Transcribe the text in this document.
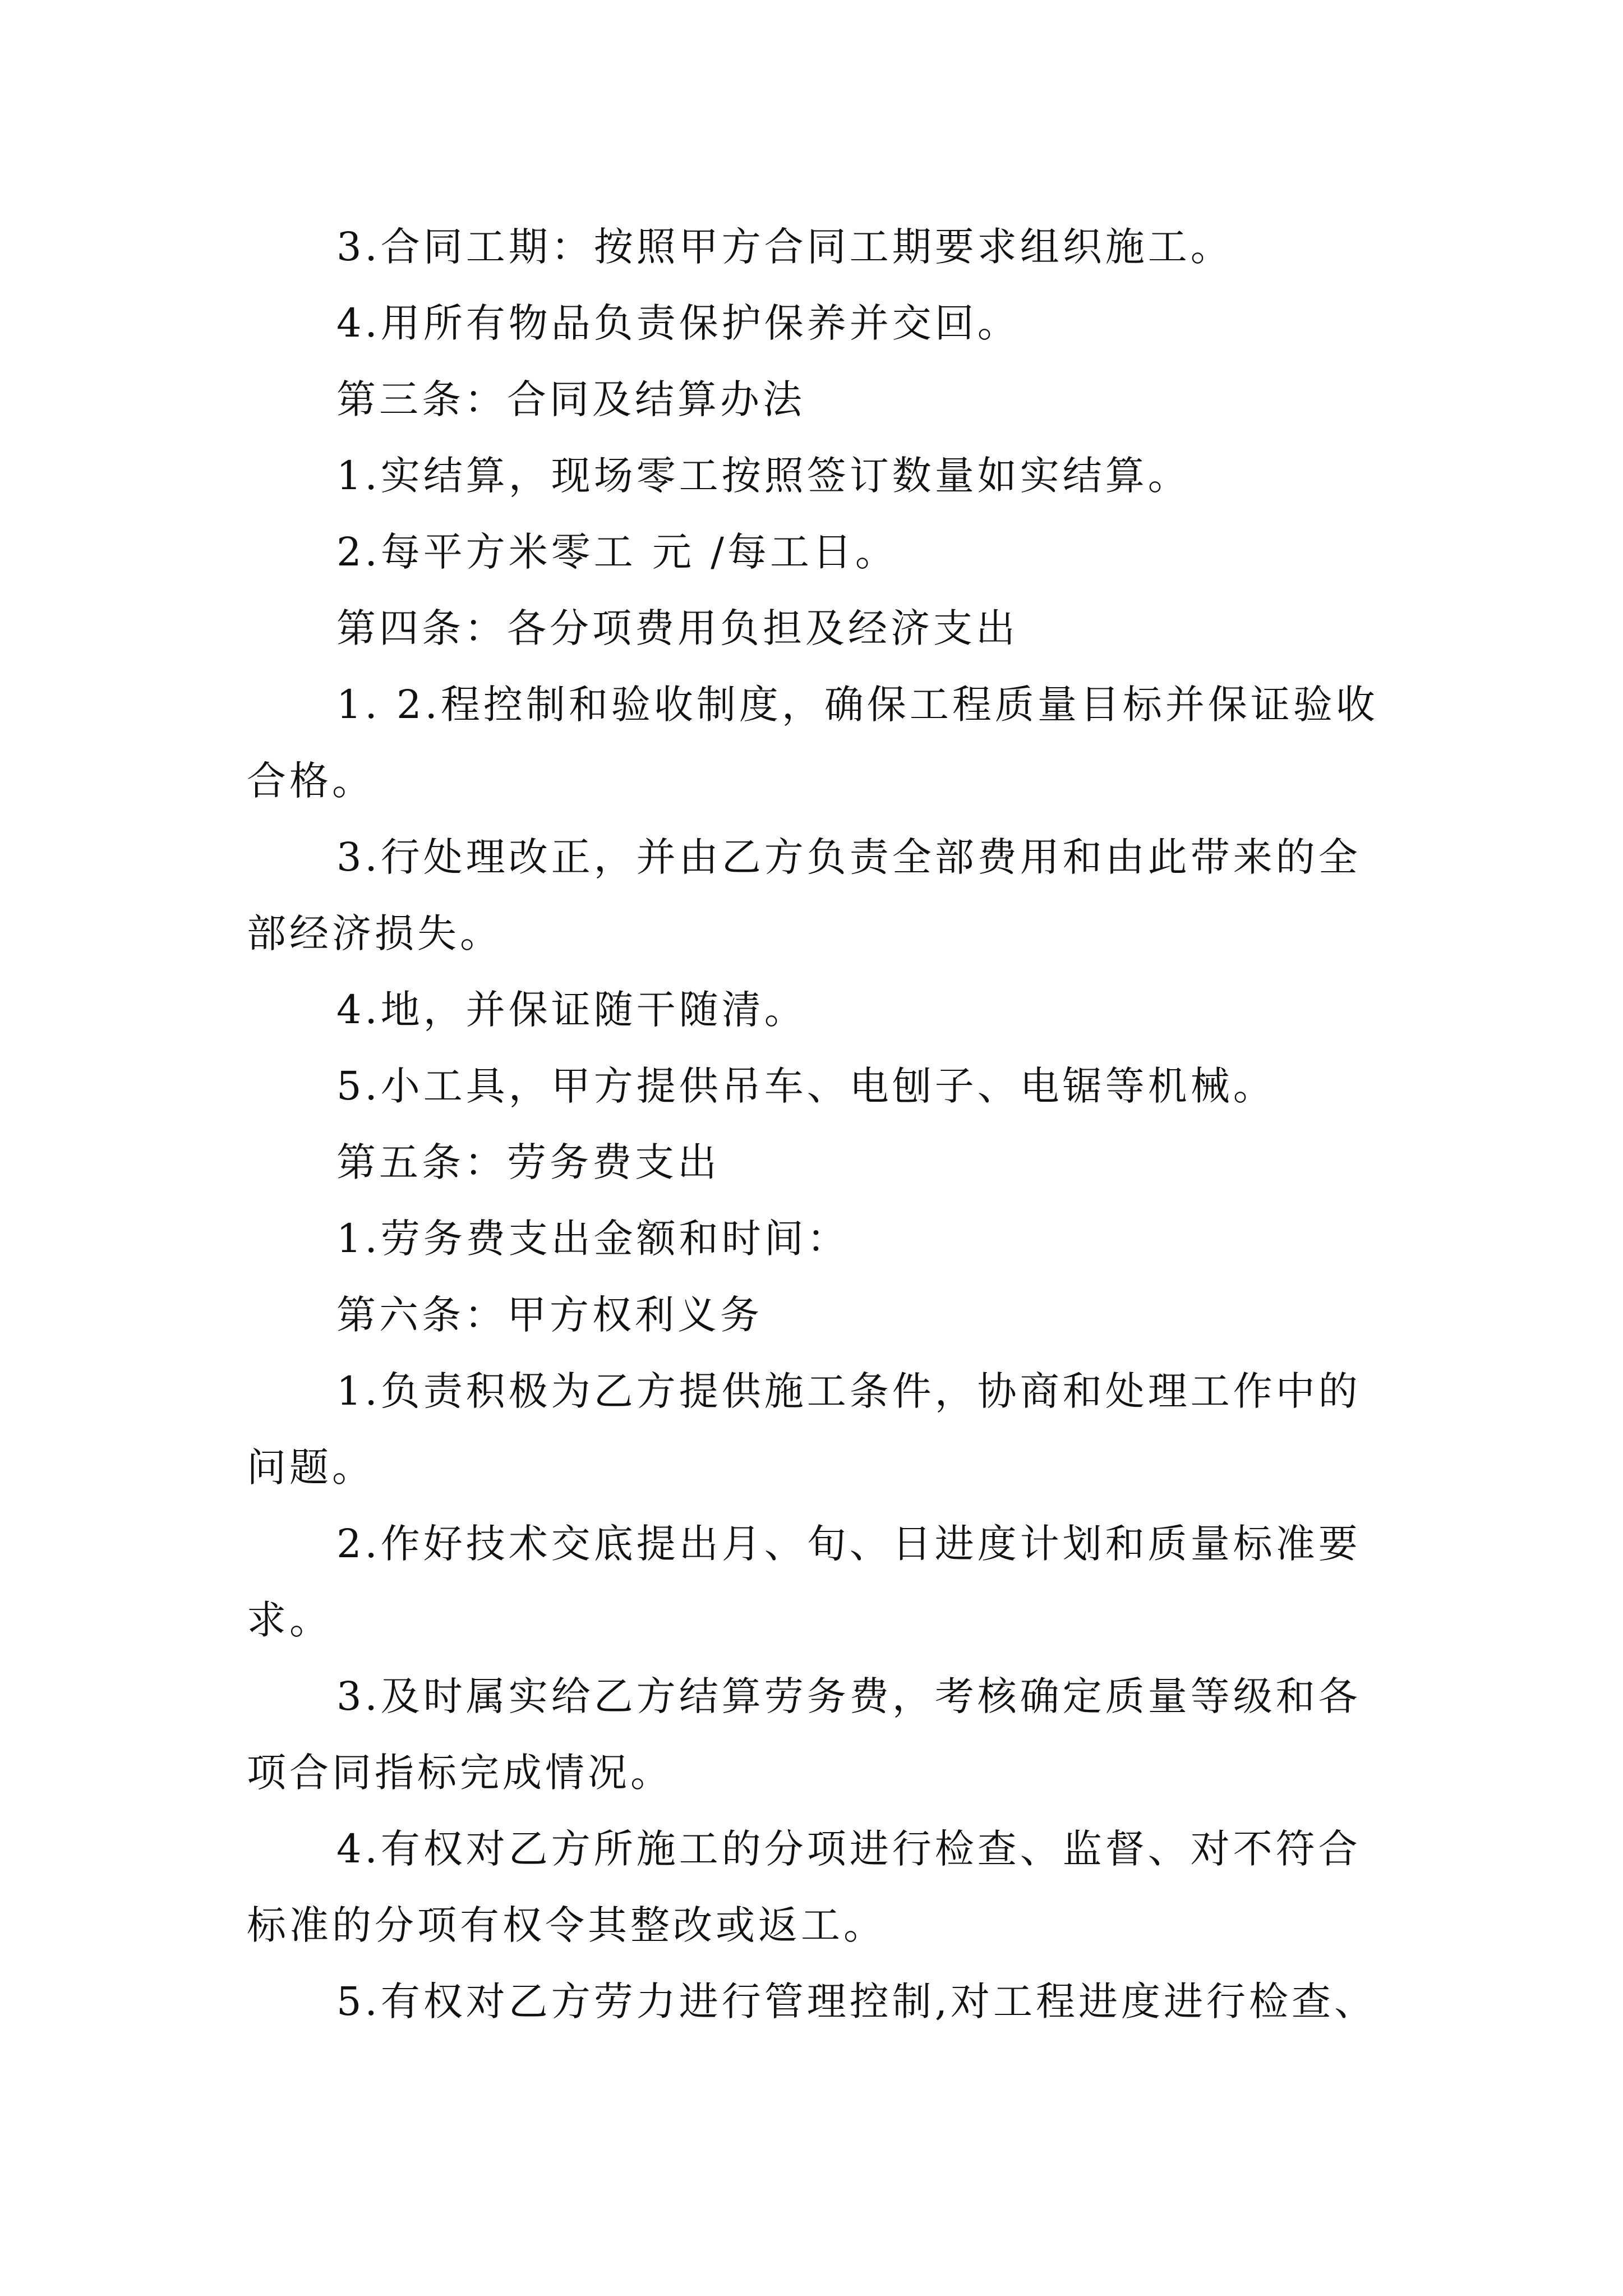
3.合同工期：按照甲方合同工期要求组织施工。

4.用所有物品负责保护保养并交回。

第三条：合同及结算办法

1.实结算，现场零工按照签订数量如实结算。

2.每平方米零工 元 /每工日。

第四条：各分项费用负担及经济支出

1. 2.程控制和验收制度，确保工程质量目标并保证验收合格。

3.行处理改正，并由乙方负责全部费用和由此带来的全部经济损失。

4.地，并保证随干随清。

5.小工具，甲方提供吊车、电刨子、电锯等机械。

第五条：劳务费支出

1.劳务费支出金额和时间：

第六条：甲方权利义务

1.负责积极为乙方提供施工条件，协商和处理工作中的问题。

2.作好技术交底提出月、旬、日进度计划和质量标准要求。

3.及时属实给乙方结算劳务费，考核确定质量等级和各项合同指标完成情况。

4.有权对乙方所施工的分项进行检查、监督、对不符合标准的分项有权令其整改或返工。

5.有权对乙方劳力进行管理控制,对工程进度进行检查、
